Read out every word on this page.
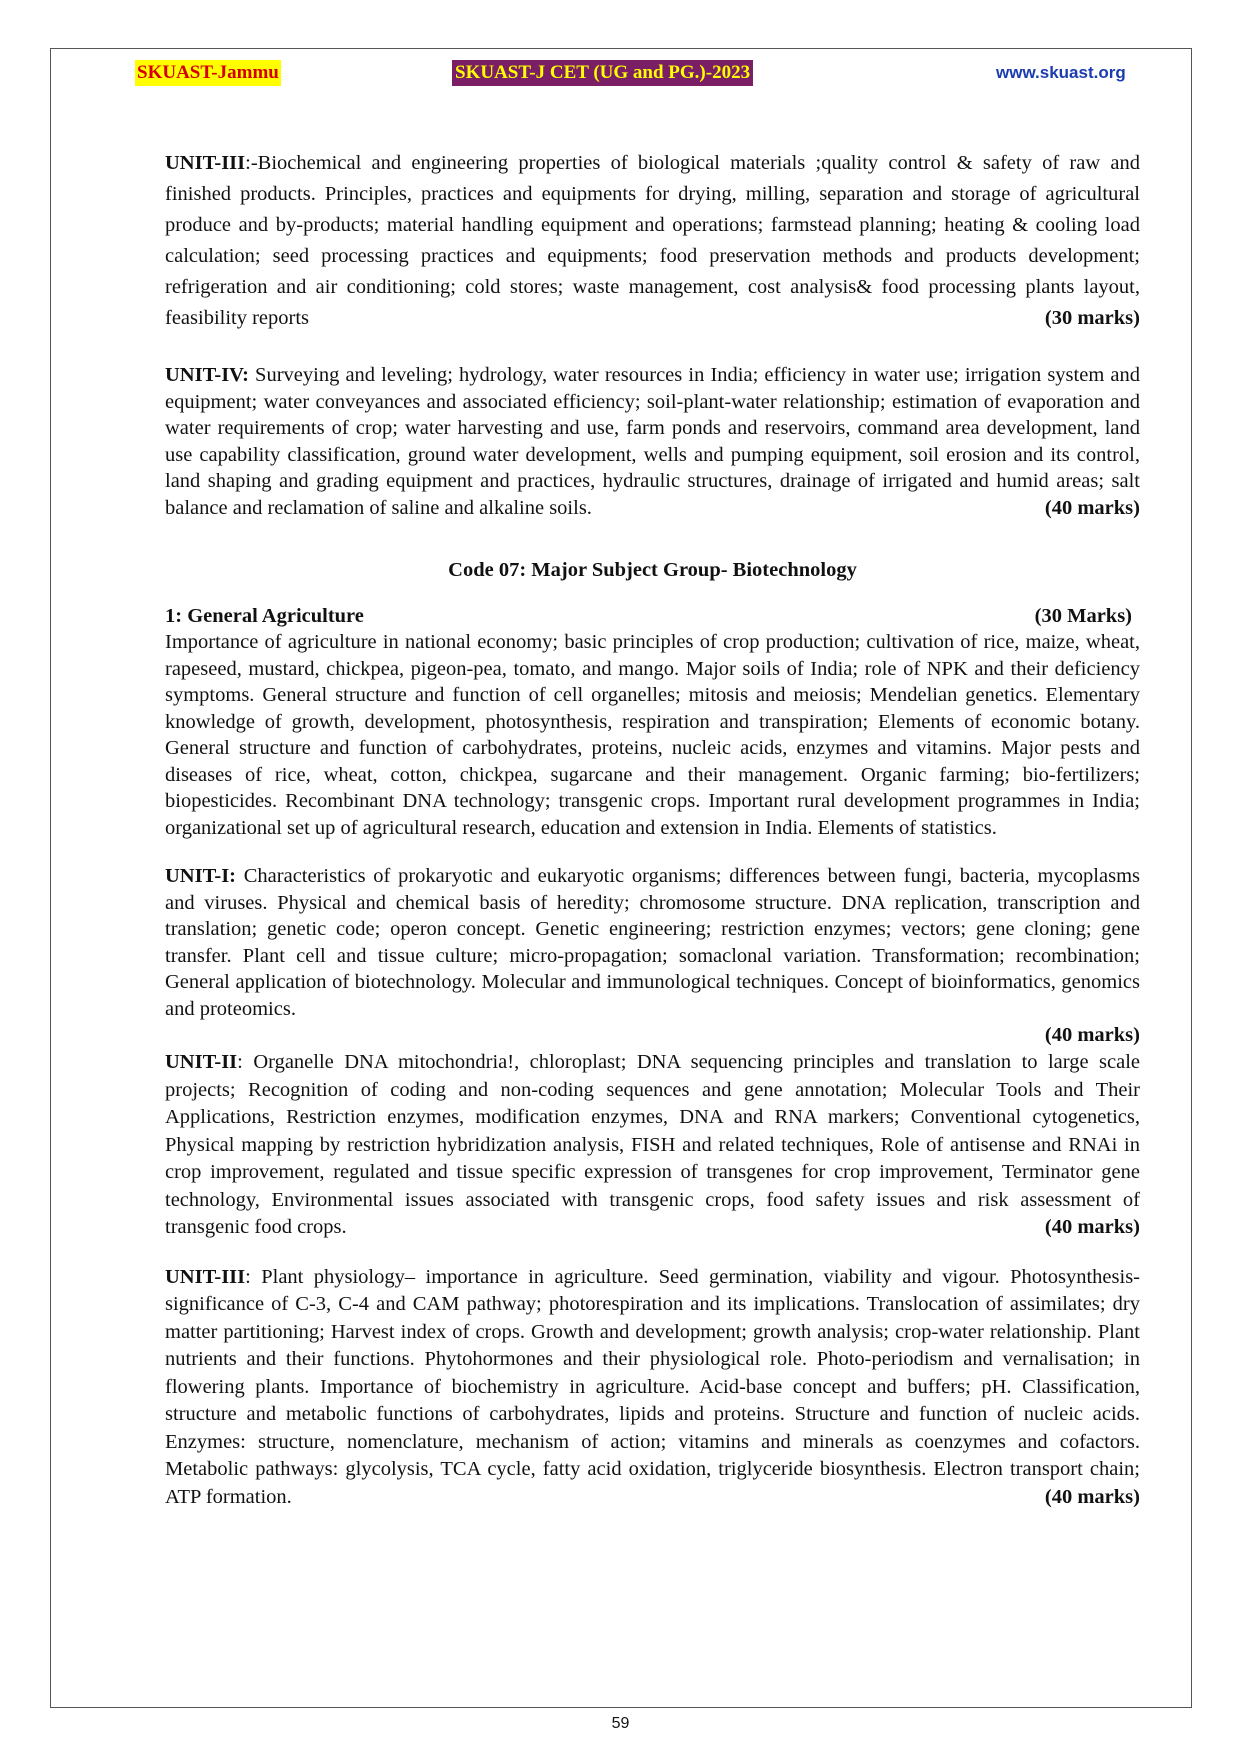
SKUAST-Jammu	SKUAST-J CET (UG and PG.)-2023	www.skuast.org

UNIT-III:-Biochemical and engineering properties of biological materials ;quality control & safety of raw and finished products. Principles, practices and equipments for drying, milling, separation and storage of agricultural produce and by-products; material handling equipment and operations; farmstead planning; heating & cooling load calculation; seed processing practices and equipments; food preservation methods and products development; refrigeration and air conditioning; cold stores; waste management, cost analysis& food processing plants layout, feasibility reports	(30 marks)

UNIT-IV: Surveying and leveling; hydrology, water resources in India; efficiency in water use; irrigation system and equipment; water conveyances and associated efficiency; soil-plant-water relationship; estimation of evaporation and water requirements of crop; water harvesting and use, farm ponds and reservoirs, command area development, land use capability classification, ground water development, wells and pumping equipment, soil erosion and its control, land shaping and grading equipment and practices, hydraulic structures, drainage of irrigated and humid areas; salt balance and reclamation of saline and alkaline soils.	(40 marks)

Code 07: Major Subject Group- Biotechnology
1: General Agriculture	(30 Marks)

Importance of agriculture in national economy; basic principles of crop production; cultivation of rice, maize, wheat, rapeseed, mustard, chickpea, pigeon-pea, tomato, and mango. Major soils of India; role of NPK and their deficiency symptoms. General structure and function of cell organelles; mitosis and meiosis; Mendelian genetics. Elementary knowledge of growth, development, photosynthesis, respiration and transpiration; Elements of economic botany. General structure and function of carbohydrates, proteins, nucleic acids, enzymes and vitamins. Major pests and diseases of rice, wheat, cotton, chickpea, sugarcane and their management. Organic farming; bio-fertilizers; biopesticides. Recombinant DNA technology; transgenic crops. Important rural development programmes in India; organizational set up of agricultural research, education and extension in India. Elements of statistics.

UNIT-I: Characteristics of prokaryotic and eukaryotic organisms; differences between fungi, bacteria, mycoplasms and viruses. Physical and chemical basis of heredity; chromosome structure. DNA replication, transcription and translation; genetic code; operon concept. Genetic engineering; restriction enzymes; vectors; gene cloning; gene transfer. Plant cell and tissue culture; micro-propagation; somaclonal variation. Transformation; recombination; General application of biotechnology. Molecular and immunological techniques. Concept of bioinformatics, genomics and proteomics.

(40 marks)

UNIT-II: Organelle DNA mitochondria!, chloroplast; DNA sequencing principles and translation to large scale projects; Recognition of coding and non-coding sequences and gene annotation; Molecular Tools and Their Applications, Restriction enzymes, modification enzymes, DNA and RNA markers; Conventional cytogenetics, Physical mapping by restriction hybridization analysis, FISH and related techniques, Role of antisense and RNAi in crop improvement, regulated and tissue specific expression of transgenes for crop improvement, Terminator gene technology, Environmental issues associated with transgenic crops, food safety issues and risk assessment of transgenic food crops.	(40 marks)

UNIT-III: Plant physiology– importance in agriculture. Seed germination, viability and vigour. Photosynthesis- significance of C-3, C-4 and CAM pathway; photorespiration and its implications. Translocation of assimilates; dry matter partitioning; Harvest index of crops. Growth and development; growth analysis; crop-water relationship. Plant nutrients and their functions. Phytohormones and their physiological role. Photo-periodism and vernalisation; in flowering plants. Importance of biochemistry in agriculture. Acid-base concept and buffers; pH. Classification, structure and metabolic functions of carbohydrates, lipids and proteins. Structure and function of nucleic acids. Enzymes: structure, nomenclature, mechanism of action; vitamins and minerals as coenzymes and cofactors. Metabolic pathways: glycolysis, TCA cycle, fatty acid oxidation, triglyceride biosynthesis. Electron transport chain; ATP formation.	(40 marks)

59
